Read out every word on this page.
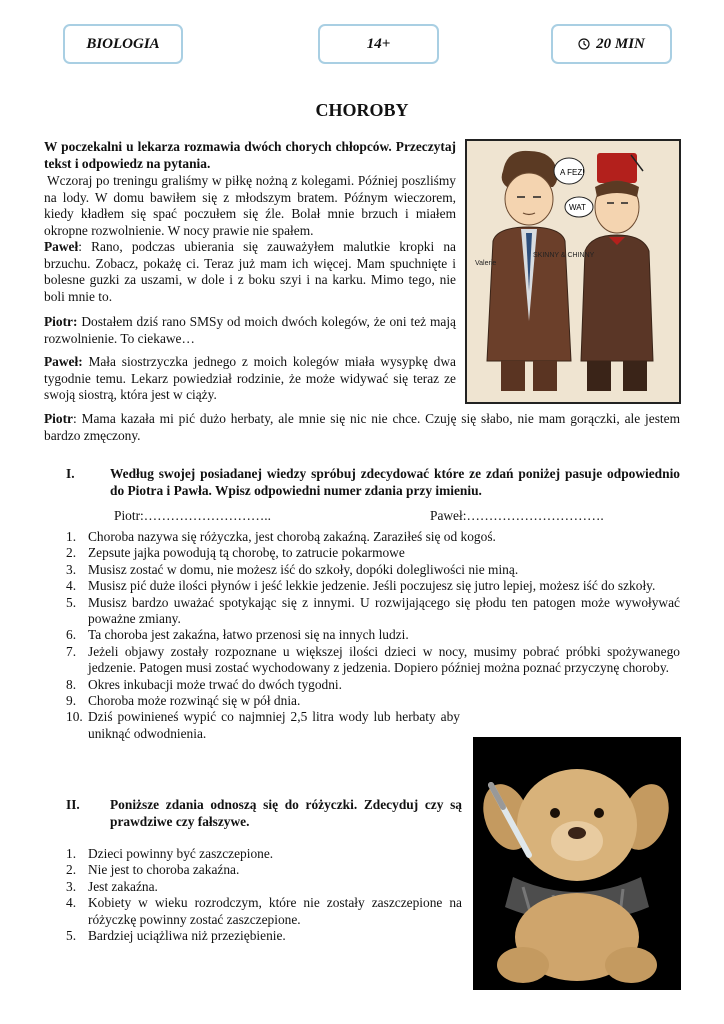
BIOLOGIA	14+	20 MIN
CHOROBY

W poczekalni u lekarza rozmawia dwóch chorych chłopców. Przeczytaj tekst i odpowiedz na pytania.

Wczoraj po treningu graliśmy w piłkę nożną z kolegami. Później poszliśmy na lody. W domu bawiłem się z młodszym bratem. Późnym wieczorem, kiedy kładłem się spać poczułem się źle. Bolał mnie brzuch i miałem okropne rozwolnienie. W nocy prawie nie spałem.

Paweł: Rano, podczas ubierania się zauważyłem malutkie kropki na brzuchu. Zobacz, pokażę ci. Teraz już mam ich więcej. Mam spuchnięte i bolesne guzki za uszami, w dole i z boku szyi i na karku. Mimo tego, nie boli mnie to.

Piotr: Dostałem dziś rano SMSy od moich dwóch kolegów, że oni też mają rozwolnienie. To ciekawe…

Paweł: Mała siostrzyczka jednego z moich kolegów miała wysypkę dwa tygodnie temu. Lekarz powiedział rodzinie, że może widywać się teraz ze swoją siostrą, która jest w ciąży.

Piotr: Mama kazała mi pić dużo herbaty, ale mnie się nic nie chce. Czuję się słabo, nie mam gorączki, ale jestem bardzo zmęczony.

A FEZ!
WAT
SKINNY & CHINNY
Valerie
I.	Według swojej posiadanej wiedzy spróbuj zdecydować które ze zdań poniżej pasuje odpowiednio do Piotra i Pawła. Wpisz odpowiedni numer zdania przy imieniu.
Piotr:………………………..	Paweł:………………………….
1. Choroba nazywa się różyczka, jest chorobą zakaźną. Zaraziłeś się od kogoś.
2. Zepsute jajka powodują tą chorobę, to zatrucie pokarmowe
3. Musisz zostać w domu, nie możesz iść do szkoły, dopóki dolegliwości nie miną.
4. Musisz pić duże ilości płynów i jeść lekkie jedzenie. Jeśli poczujesz się jutro lepiej, możesz iść do szkoły.
5. Musisz bardzo uważać spotykając się z innymi. U rozwijającego się płodu ten patogen może wywoływać poważne zmiany.
6. Ta choroba jest zakaźna, łatwo przenosi się na innych ludzi.
7. Jeżeli objawy zostały rozpoznane u większej ilości dzieci w nocy, musimy pobrać próbki spożywanego jedzenie. Patogen musi zostać wychodowany z jedzenia. Dopiero później można poznać przyczynę choroby.
8. Okres inkubacji może trwać do dwóch tygodni.
9. Choroba może rozwinąć się w pół dnia.
10. Dziś powinieneś wypić co najmniej 2,5 litra wody lub herbaty aby uniknąć odwodnienia.
II. Poniższe zdania odnoszą się do różyczki. Zdecyduj czy są prawdziwe czy fałszywe.
1. Dzieci powinny być zaszczepione.
2. Nie jest to choroba zakaźna.
3. Jest zakaźna.
4. Kobiety w wieku rozrodczym, które nie zostały zaszczepione na różyczkę powinny zostać zaszczepione.
5. Bardziej uciążliwa niż przeziębienie.
